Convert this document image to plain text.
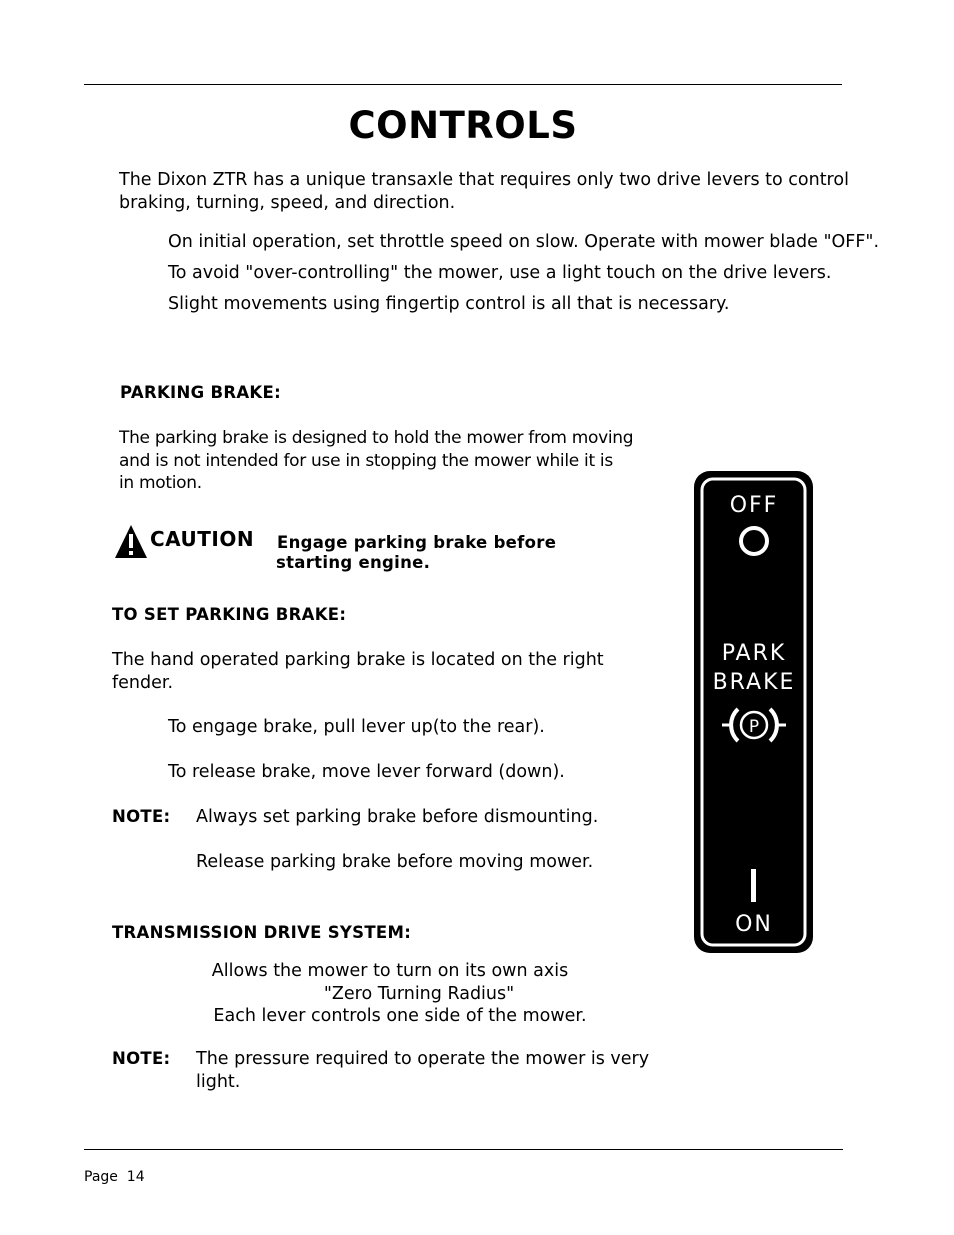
CONTROLS
The Dixon ZTR has a unique transaxle that requires only two drive levers to control
braking, turning, speed, and direction.
On initial operation, set throttle speed on slow. Operate with mower blade "OFF".
To avoid "over-controlling" the mower, use a light touch on the drive levers.
Slight movements using fingertip control is all that is necessary.
PARKING BRAKE:
The parking brake is designed to hold the mower from moving
and is not intended for use in stopping the mower while it is
in motion.
CAUTION Engage parking brake before
starting engine.
TO SET PARKING BRAKE:
The hand operated parking brake is located on the right
fender.
To engage brake, pull lever up(to the rear).
To release brake, move lever forward (down).
NOTE: Always set parking brake before dismounting.
Release parking brake before moving mower.
TRANSMISSION DRIVE SYSTEM:
Allows the mower to turn on its own axis
"Zero Turning Radius"
Each lever controls one side of the mower.
NOTE: The pressure required to operate the mower is very
light.
OFF
PARK
BRAKE
P
ON
Page  14
